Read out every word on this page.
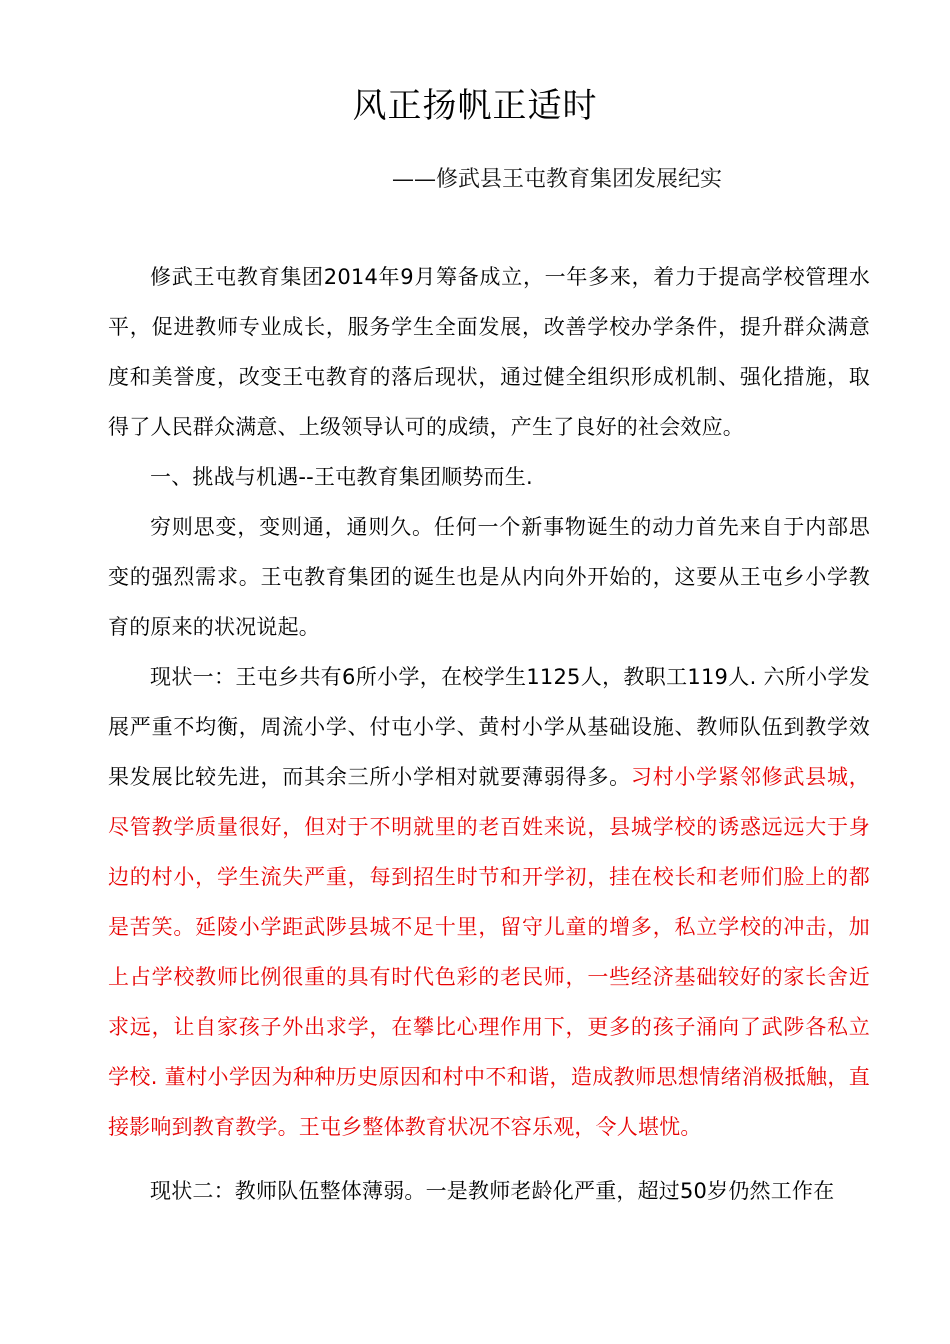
风正扬帆正适时
——修武县王屯教育集团发展纪实

修武王屯教育集团2014年9月筹备成立，一年多来，着力于提高学校管理水平，促进教师专业成长，服务学生全面发展，改善学校办学条件，提升群众满意度和美誉度，改变王屯教育的落后现状，通过健全组织形成机制、强化措施，取得了人民群众满意、上级领导认可的成绩，产生了良好的社会效应。

一、挑战与机遇--王屯教育集团顺势而生.

穷则思变，变则通，通则久。任何一个新事物诞生的动力首先来自于内部思变的强烈需求。王屯教育集团的诞生也是从内向外开始的，这要从王屯乡小学教育的原来的状况说起。

现状一：王屯乡共有6所小学，在校学生1125人，教职工119人. 六所小学发展严重不均衡，周流小学、付屯小学、黄村小学从基础设施、教师队伍到教学效果发展比较先进，而其余三所小学相对就要薄弱得多。习村小学紧邻修武县城，尽管教学质量很好，但对于不明就里的老百姓来说，县城学校的诱惑远远大于身边的村小，学生流失严重，每到招生时节和开学初，挂在校长和老师们脸上的都是苦笑。延陵小学距武陟县城不足十里，留守儿童的增多，私立学校的冲击，加上占学校教师比例很重的具有时代色彩的老民师，一些经济基础较好的家长舍近求远，让自家孩子外出求学，在攀比心理作用下，更多的孩子涌向了武陟各私立学校. 董村小学因为种种历史原因和村中不和谐，造成教师思想情绪消极抵触，直接影响到教育教学。王屯乡整体教育状况不容乐观，令人堪忧。

现状二：教师队伍整体薄弱。一是教师老龄化严重，超过50岁仍然工作在
